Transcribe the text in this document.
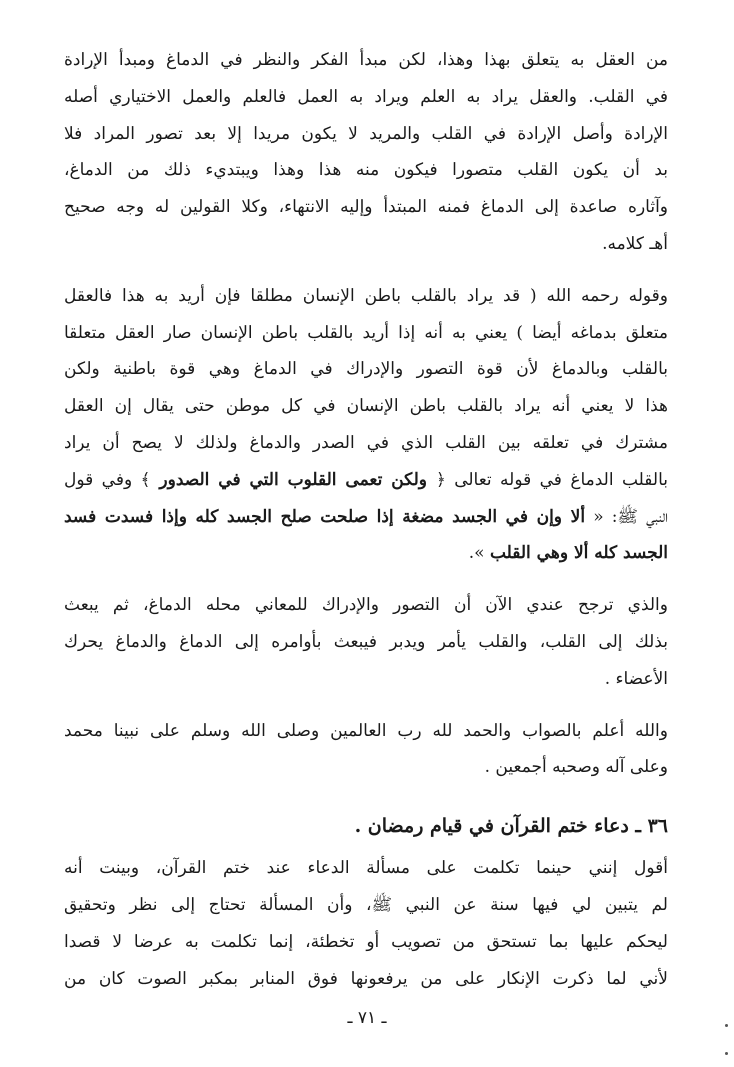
من العقل به يتعلق بهذا وهذا، لكن مبدأ الفكر والنظر في الدماغ ومبدأ الإرادة
في القلب. والعقل يراد به العلم ويراد به العمل فالعلم والعمل الاختياري أصله
الإرادة وأصل الإرادة في القلب والمريد لا يكون مريدا إلا بعد تصور المراد فلا
بد أن يكون القلب متصورا فيكون منه هذا وهذا ويبتديء ذلك من الدماغ،
وآثاره صاعدة إلى الدماغ فمنه المبتدأ وإليه الانتهاء، وكلا القولين له وجه صحيح
أهـ كلامه.

وقوله رحمه الله ( قد يراد بالقلب باطن الإنسان مطلقا فإن أريد به هذا فالعقل
متعلق بدماغه أيضا ) يعني به أنه إذا أريد بالقلب باطن الإنسان صار العقل متعلقا
بالقلب وبالدماغ لأن قوة التصور والإدراك في الدماغ وهي قوة باطنية ولكن
هذا لا يعني أنه يراد بالقلب باطن الإنسان في كل موطن حتى يقال إن العقل
مشترك في تعلقه بين القلب الذي في الصدر والدماغ ولذلك لا يصح أن يراد
بالقلب الدماغ في قوله تعالى ﴿ ولكن تعمى القلوب التي في الصدور ﴾ وفي قول
النبي ﷺ: « ألا وإن في الجسد مضغة إذا صلحت صلح الجسد كله وإذا فسدت فسد
الجسد كله ألا وهي القلب ».

والذي ترجح عندي الآن أن التصور والإدراك للمعاني محله الدماغ، ثم يبعث
بذلك إلى القلب، والقلب يأمر ويدبر فيبعث بأوامره إلى الدماغ والدماغ يحرك
الأعضاء .

والله أعلم بالصواب والحمد لله رب العالمين وصلى الله وسلم على نبينا محمد
وعلى آله وصحبه أجمعين .

٣٦ ـ دعاء ختم القرآن في قيام رمضان .

أقول إنني حينما تكلمت على مسألة الدعاء عند ختم القرآن، وبينت أنه
لم يتبين لي فيها سنة عن النبي ﷺ، وأن المسألة تحتاج إلى نظر وتحقيق
ليحكم عليها بما تستحق من تصويب أو تخطئة، إنما تكلمت به عرضا لا قصدا
لأني لما ذكرت الإنكار على من يرفعونها فوق المنابر بمكبر الصوت كان من

ـ ٧١ ـ
